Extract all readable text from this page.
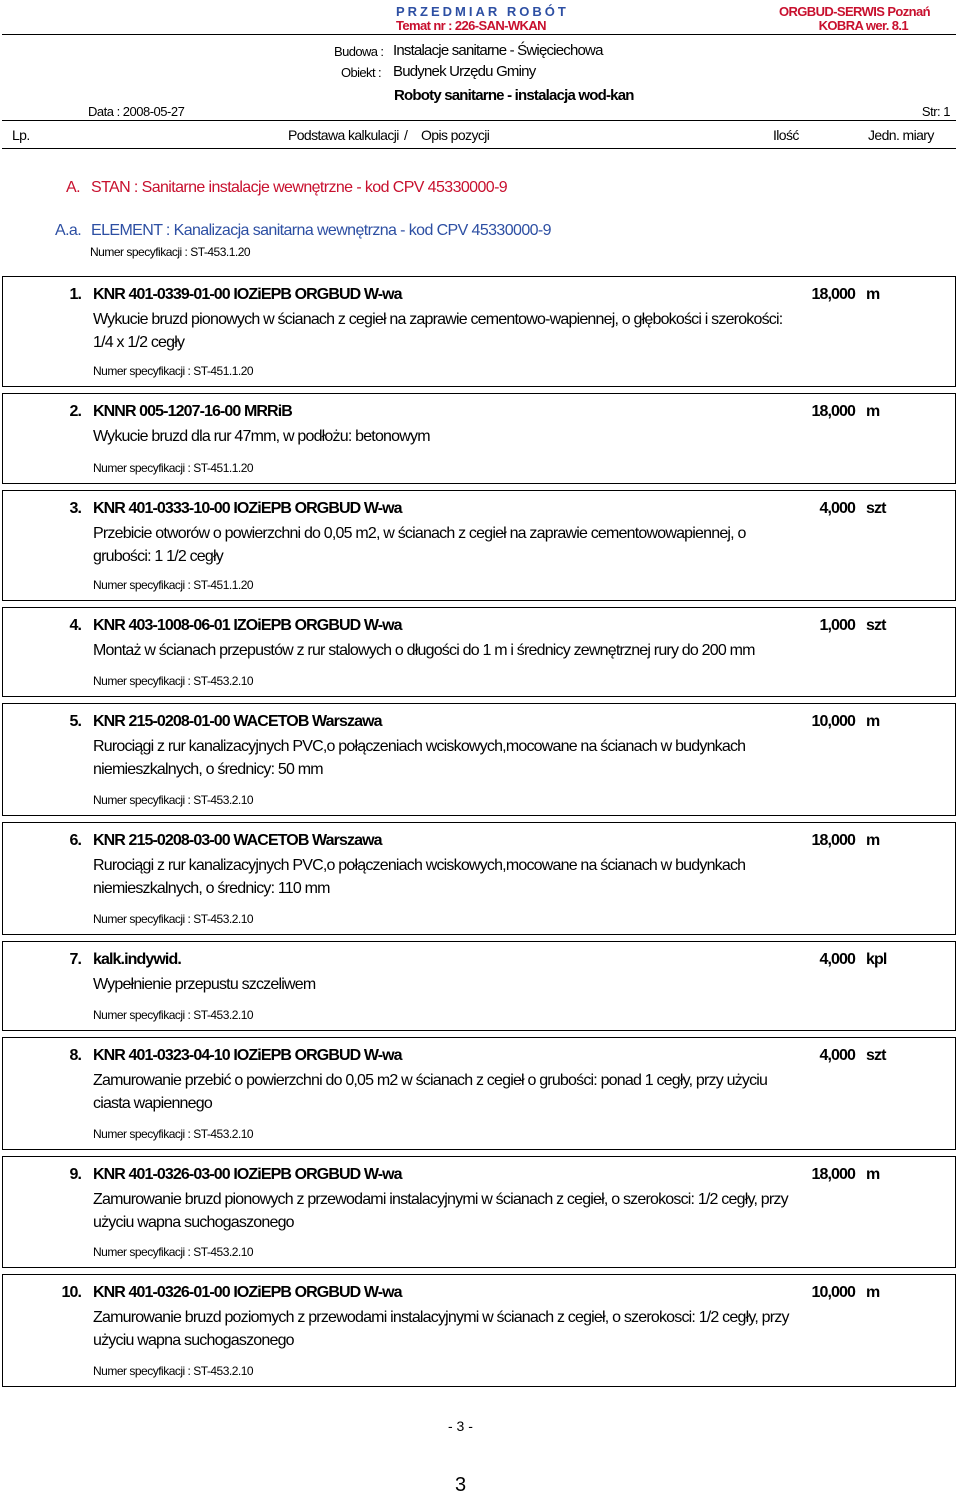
PRZEDMIAR ROBÓT
Temat nr : 226-SAN-WKAN
ORGBUD-SERWIS Poznań
KOBRA wer. 8.1
Budowa : Instalacje sanitarne - Święciechowa
Obiekt : Budynek Urzędu Gminy
Roboty sanitarne - instalacja wod-kan
Data : 2008-05-27	Str: 1
Lp.	Podstawa kalkulacji / Opis pozycji	Ilość	Jedn. miary
A. STAN : Sanitarne instalacje wewnętrzne - kod CPV 45330000-9
A.a. ELEMENT : Kanalizacja sanitarna wewnętrzna - kod CPV 45330000-9
Numer specyfikacji : ST-453.1.20
1. KNR 401-0339-01-00 IOZiEPB ORGBUD W-wa	18,000 m
Wykucie bruzd pionowych w ścianach z cegieł na zaprawie cementowo-wapiennej, o głębokości i szerokości: 1/4 x 1/2 cegły
Numer specyfikacji : ST-451.1.20
2. KNNR 005-1207-16-00 MRRiB	18,000 m
Wykucie bruzd dla rur 47mm, w podłożu: betonowym
Numer specyfikacji : ST-451.1.20
3. KNR 401-0333-10-00 IOZiEPB ORGBUD W-wa	4,000 szt
Przebicie otworów o powierzchni do 0,05 m2, w ścianach z cegieł na zaprawie cementowowapiennej, o grubości: 1 1/2 cegły
Numer specyfikacji : ST-451.1.20
4. KNR 403-1008-06-01 IZOiEPB ORGBUD W-wa	1,000 szt
Montaż w ścianach przepustów z rur stalowych o długości do 1 m i średnicy zewnętrznej rury do 200 mm
Numer specyfikacji : ST-453.2.10
5. KNR 215-0208-01-00 WACETOB Warszawa	10,000 m
Rurociągi z rur kanalizacyjnych PVC,o połączeniach wciskowych,mocowane na ścianach w budynkach niemieszkalnych, o średnicy: 50 mm
Numer specyfikacji : ST-453.2.10
6. KNR 215-0208-03-00 WACETOB Warszawa	18,000 m
Rurociągi z rur kanalizacyjnych PVC,o połączeniach wciskowych,mocowane na ścianach w budynkach niemieszkalnych, o średnicy: 110 mm
Numer specyfikacji : ST-453.2.10
7. kalk.indywid.	4,000 kpl
Wypełnienie przepustu szczeliwem
Numer specyfikacji : ST-453.2.10
8. KNR 401-0323-04-10 IOZiEPB ORGBUD W-wa	4,000 szt
Zamurowanie przebić o powierzchni do 0,05 m2 w ścianach z cegieł o grubości: ponad 1 cegły, przy użyciu ciasta wapiennego
Numer specyfikacji : ST-453.2.10
9. KNR 401-0326-03-00 IOZiEPB ORGBUD W-wa	18,000 m
Zamurowanie bruzd pionowych z przewodami instalacyjnymi w ścianach z cegieł, o szerokosci: 1/2 cegły, przy użyciu wapna suchogaszonego
Numer specyfikacji : ST-453.2.10
10. KNR 401-0326-01-00 IOZiEPB ORGBUD W-wa	10,000 m
Zamurowanie bruzd poziomych z przewodami instalacyjnymi w ścianach z cegieł, o szerokosci: 1/2 cegły, przy użyciu wapna suchogaszonego
Numer specyfikacji : ST-453.2.10
- 3 -
3
